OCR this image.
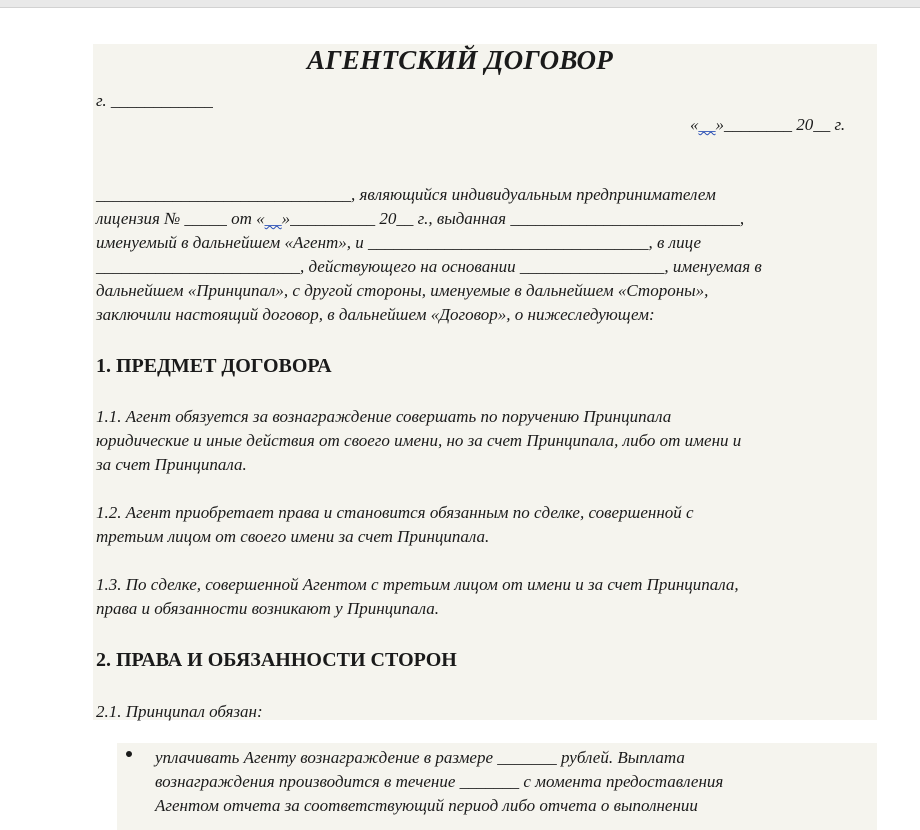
АГЕНТСКИЙ ДОГОВОР
г. ____________
«__»________ 20__ г.
______________________________, являющийся индивидуальным предпринимателем
лицензия № _____ от «__»__________ 20__ г., выданная ___________________________,
именуемый в дальнейшем «Агент», и _________________________________, в лице
________________________, действующего на основании _________________, именуемая в
дальнейшем «Принципал», с другой стороны, именуемые в дальнейшем «Стороны»,
заключили настоящий договор, в дальнейшем «Договор», о нижеследующем:
1. ПРЕДМЕТ ДОГОВОРА
1.1. Агент обязуется за вознаграждение совершать по поручению Принципала
юридические и иные действия от своего имени, но за счет Принципала, либо от имени и
за счет Принципала.
1.2. Агент приобретает права и становится обязанным по сделке, совершенной с
третьим лицом от своего имени за счет Принципала.
1.3. По сделке, совершенной Агентом с третьим лицом от имени и за счет Принципала,
права и обязанности возникают у Принципала.
2. ПРАВА И ОБЯЗАННОСТИ СТОРОН
2.1. Принципал обязан:
уплачивать Агенту вознаграждение в размере _______ рублей. Выплата
вознаграждения производится в течение _______ с момента предоставления
Агентом отчета за соответствующий период либо отчета о выполнении
